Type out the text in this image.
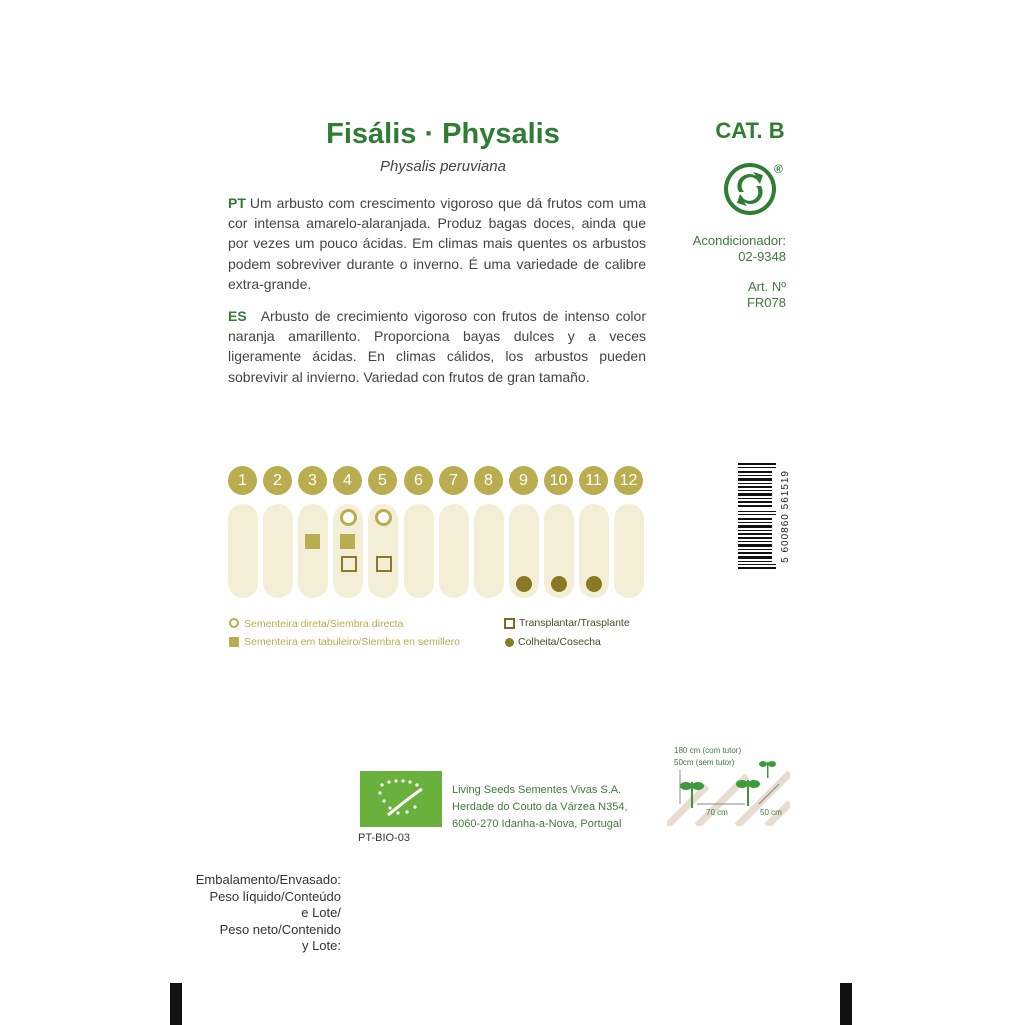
Fisális · Physalis
Physalis peruviana
PT Um arbusto com crescimento vigoroso que dá frutos com uma cor intensa amarelo-alaranjada. Produz bagas doces, ainda que por vezes um pouco ácidas. Em climas mais quentes os arbustos podem sobreviver durante o inverno. É uma variedade de calibre extra-grande.
ES Arbusto de crecimiento vigoroso con frutos de intenso color naranja amarillento. Proporciona bayas dulces y a veces ligeramente ácidas. En climas cálidos, los arbustos pueden sobrevivir al invierno. Variedad con frutos de gran tamaño.
CAT. B
®
Acondicionador:
02-9348
Art. Nº
FR078
1	2	3	4	5	6	7	8	9	10	11	12
Sementeira direta/Siembra directa
Sementeira em tabuleiro/Siembra en semillero
Transplantar/Trasplante
Colheita/Cosecha
5 600860 561519
180 cm (com tutor)
50cm (sem tutor)
70 cm	50 cm
Living Seeds Sementes Vivas S.A.
Herdade do Couto da Várzea N354,
6060-270 Idanha-a-Nova, Portugal
PT-BIO-03
Embalamento/Envasado:
Peso líquido/Conteúdo
e Lote/
Peso neto/Contenido
y Lote:
